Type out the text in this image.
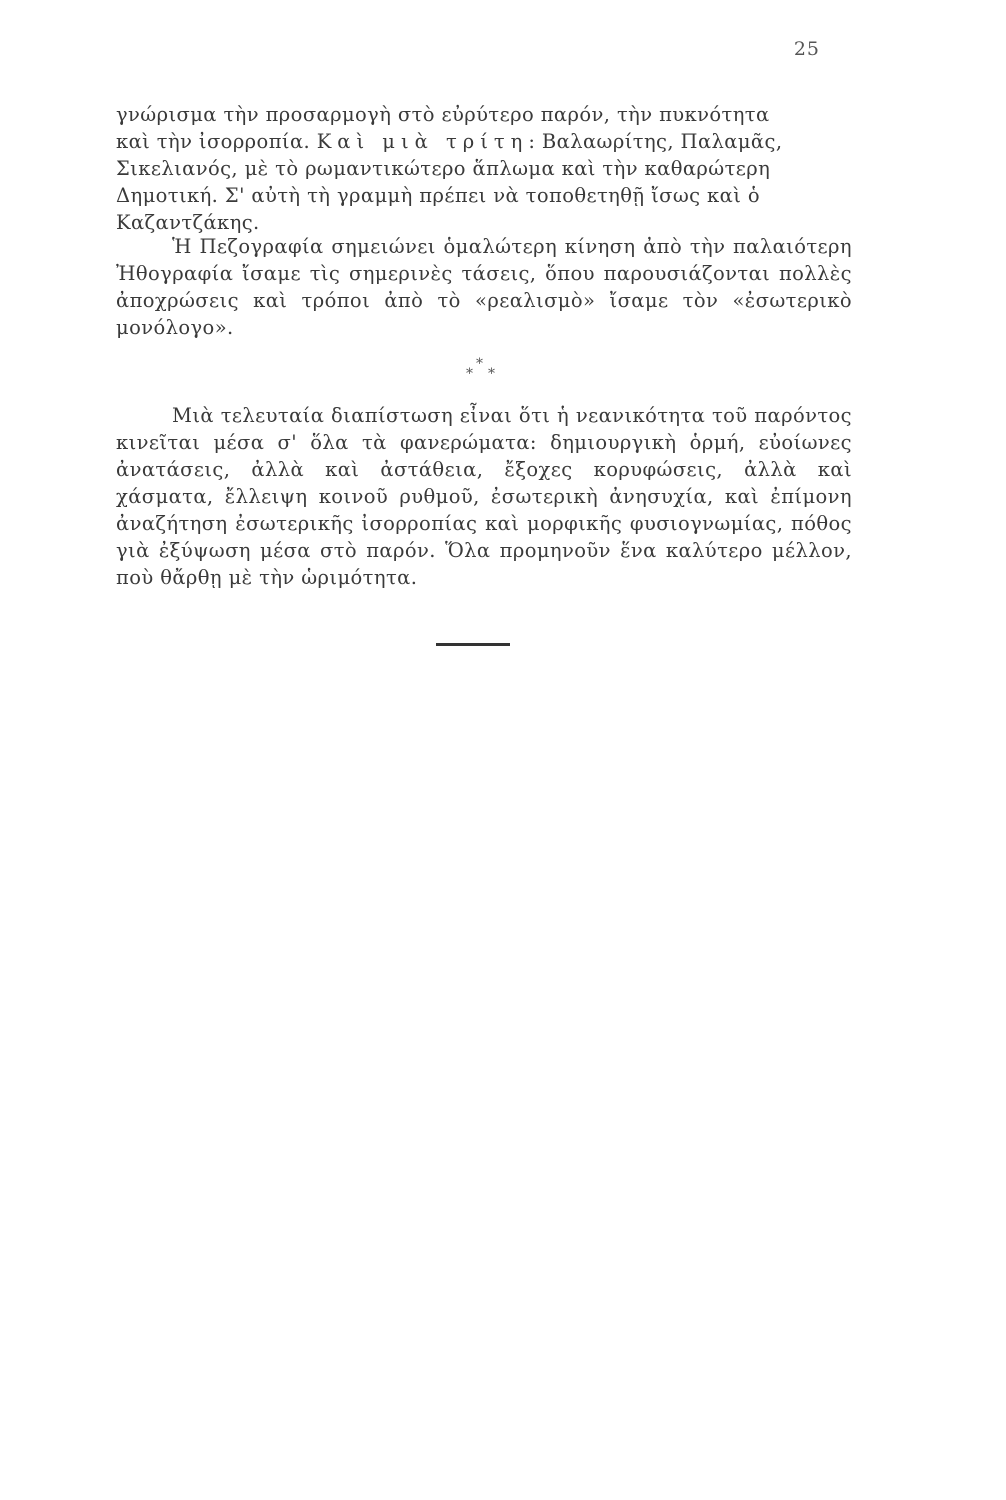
25

γνώρισμα τὴν προσαρμογὴ στὸ εὐρύτερο παρόν, τὴν πυκνότητα

καὶ τὴν ἰσορροπία. Καὶ μιὰ τρίτη: Βαλαωρίτης, Παλαμᾶς,

Σικελιανός, μὲ τὸ ρωμαντικώτερο ἅπλωμα καὶ τὴν καθαρώτερη

Δημοτική. Σ' αὐτὴ τὴ γραμμὴ πρέπει νὰ τοποθετηθῇ ἴσως καὶ ὁ

Καζαντζάκης.

Ἡ Πεζογραφία σημειώνει ὁμαλώτερη κίνηση ἀπὸ τὴν παλαιότερη Ἠθογραφία ἴσαμε τὶς σημερινὲς τάσεις, ὅπου παρουσιάζονται πολλὲς ἀποχρώσεις καὶ τρόποι ἀπὸ τὸ «ρεαλισμὸ» ἴσαμε τὸν «ἐσωτερικὸ μονόλογο».

*
* *

Μιὰ τελευταία διαπίστωση εἶναι ὅτι ἡ νεανικότητα τοῦ παρόντος κινεῖται μέσα σ' ὅλα τὰ φανερώματα: δημιουργικὴ ὁρμή, εὐοίωνες ἀνατάσεις, ἀλλὰ καὶ ἀστάθεια, ἔξοχες κορυφώσεις, ἀλλὰ καὶ χάσματα, ἔλλειψη κοινοῦ ρυθμοῦ, ἐσωτερικὴ ἀνησυχία, καὶ ἐπίμονη ἀναζήτηση ἐσωτερικῆς ἰσορροπίας καὶ μορφικῆς φυσιογνωμίας, πόθος γιὰ ἐξύψωση μέσα στὸ παρόν. Ὅλα προμηνοῦν ἕνα καλύτερο μέλλον, ποὺ θἄρθῃ μὲ τὴν ὡριμότητα.
